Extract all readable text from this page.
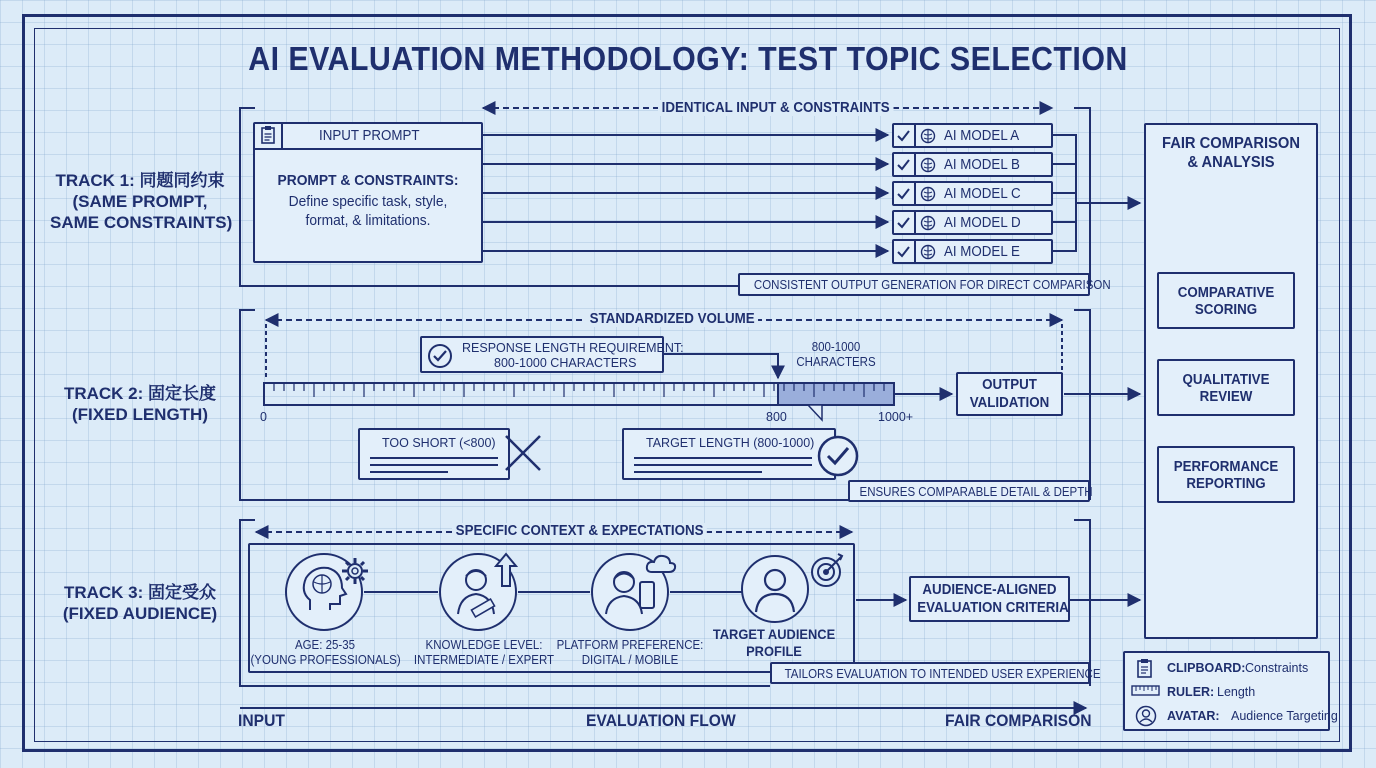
AI EVALUATION METHODOLOGY: TEST TOPIC SELECTION
TRACK 1: 同题同约束
(SAME PROMPT,
SAME CONSTRAINTS)
TRACK 2: 固定长度
(FIXED LENGTH)
TRACK 3: 固定受众
(FIXED AUDIENCE)
IDENTICAL INPUT & CONSTRAINTS
INPUT PROMPT
PROMPT & CONSTRAINTS:
Define specific task, style,
format, & limitations.
AI MODEL A
AI MODEL B
AI MODEL C
AI MODEL D
AI MODEL E
CONSISTENT OUTPUT GENERATION FOR DIRECT COMPARISON
STANDARDIZED VOLUME
RESPONSE LENGTH REQUIREMENT:
800-1000 CHARACTERS
800-1000
CHARACTERS
0	800	1000+
OUTPUT
VALIDATION
TOO SHORT (<800)	TARGET LENGTH (800-1000)
ENSURES COMPARABLE DETAIL & DEPTH
SPECIFIC CONTEXT & EXPECTATIONS
AGE: 25-35
(YOUNG PROFESSIONALS)
KNOWLEDGE LEVEL:
INTERMEDIATE / EXPERT
PLATFORM PREFERENCE:
DIGITAL / MOBILE
TARGET AUDIENCE
PROFILE
AUDIENCE-ALIGNED
EVALUATION CRITERIA
TAILORS EVALUATION TO INTENDED USER EXPERIENCE
FAIR COMPARISON
& ANALYSIS
COMPARATIVE
SCORING
QUALITATIVE
REVIEW
PERFORMANCE
REPORTING
INPUT	EVALUATION FLOW	FAIR COMPARISON
CLIPBOARD: Constraints
RULER: Length
AVATAR: Audience Targeting
